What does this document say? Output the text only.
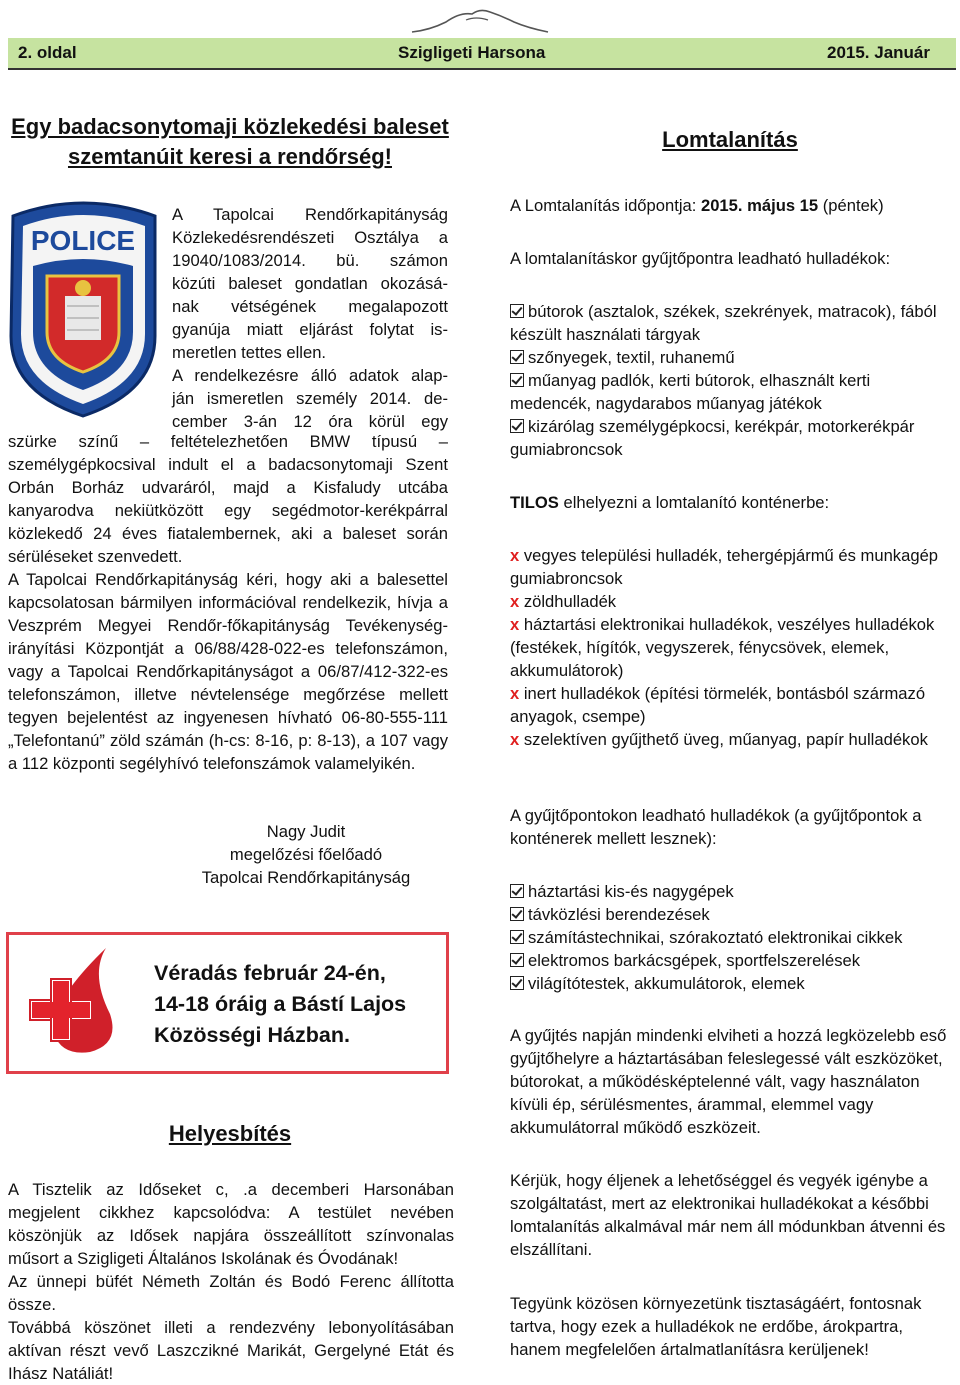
2. oldal	Szigligeti Harsona	2015. Január
Egy badacsonytomaji közlekedési baleset szemtanúit keresi a rendőrség!
POLICE
A Tapolcai Rendőrkapitányság
Közlekedésrendészeti Osztálya a
19040/1083/2014. bü. számon
közúti baleset gondatlan okozásá-
nak vétségének megalapozott
gyanúja miatt eljárást folytat is-
meretlen tettes ellen.
A rendelkezésre álló adatok alap-
ján ismeretlen személy 2014. de-
cember 3-án 12 óra körül egy
szürke színű – feltételezhetően BMW típusú – személygépkocsival indult el a badacsonytomaji Szent Orbán Borház udvaráról, majd a Kisfaludy utcába kanyarodva nekiütközött egy segédmotor-kerékpárral közlekedő 24 éves fiatalembernek, aki a baleset során sérüléseket szenvedett.
A Tapolcai Rendőrkapitányság kéri, hogy aki a balesettel kapcsolatosan bármilyen információval rendelkezik, hívja a Veszprém Megyei Rendőr-főkapitányság Tevékenység-irányítási Központját a 06/88/428-022-es telefonszámon, vagy a Tapolcai Rendőrkapitányságot a 06/87/412-322-es telefonszámon, illetve névtelensége megőrzése mellett tegyen bejelentést az ingyenesen hívható 06-80-555-111 „Telefontanú” zöld számán (h-cs: 8-16, p: 8-13), a 107 vagy a 112 központi segélyhívó telefonszámok valamelyikén.
Nagy Judit
megelőzési főelőadó
Tapolcai Rendőrkapitányság
Véradás február 24-én,
14-18 óráig a Bástí Lajos
Közösségi Házban.
Helyesbítés
A Tisztelik az Időseket c, .a decemberi Harsonában megjelent cikkhez kapcsolódva: A testület nevében köszönjük az Idősek napjára összeállított színvonalas műsort a Szigligeti Általános Iskolának és Óvodának!
Az ünnepi büfét Németh Zoltán és Bodó Ferenc állította össze.
Továbbá köszönet illeti a rendezvény lebonyolításában aktívan részt vevő Laszczikné Marikát, Gergelyné Etát és Ihász Natáliát!
Lomtalanítás
A Lomtalanítás időpontja: 2015. május 15 (péntek)
A lomtalanításkor gyűjtőpontra leadható hulladékok:
bútorok (asztalok, székek, szekrények, matracok), fából készült használati tárgyak
szőnyegek, textil, ruhanemű
műanyag padlók, kerti bútorok, elhasznált kerti medencék, nagydarabos műanyag játékok
kizárólag személygépkocsi, kerékpár, motorkerékpár gumiabroncsok
TILOS elhelyezni a lomtalanító konténerbe:
x vegyes települési hulladék, tehergépjármű és munkagép gumiabroncsok
x zöldhulladék
x háztartási elektronikai hulladékok, veszélyes hulladékok (festékek, hígítók, vegyszerek, fénycsövek, elemek, akkumulátorok)
x inert hulladékok (építési törmelék, bontásból származó anyagok, csempe)
x szelektíven gyűjthető üveg, műanyag, papír hulladékok
A gyűjtőpontokon leadható hulladékok (a gyűjtőpontok a konténerek mellett lesznek):
háztartási kis-és nagygépek
távközlési berendezések
számítástechnikai, szórakoztató elektronikai cikkek
elektromos barkácsgépek, sportfelszerelések
világítótestek, akkumulátorok, elemek
A gyűjtés napján mindenki elviheti a hozzá legközelebb eső gyűjtőhelyre a háztartásában feleslegessé vált eszközöket, bútorokat, a működésképtelenné vált, vagy használaton kívüli ép, sérülésmentes, árammal, elemmel vagy akkumulátorral működő eszközeit.
Kérjük, hogy éljenek a lehetőséggel és vegyék igénybe a szolgáltatást, mert az elektronikai hulladékokat a későbbi lomtalanítás alkalmával már nem áll módunkban átvenni és elszállítani.
Tegyünk közösen környezetünk tisztaságáért, fontosnak tartva, hogy ezek a hulladékok ne erdőbe, árokpartra, hanem megfelelően ártalmatlanításra kerüljenek!
